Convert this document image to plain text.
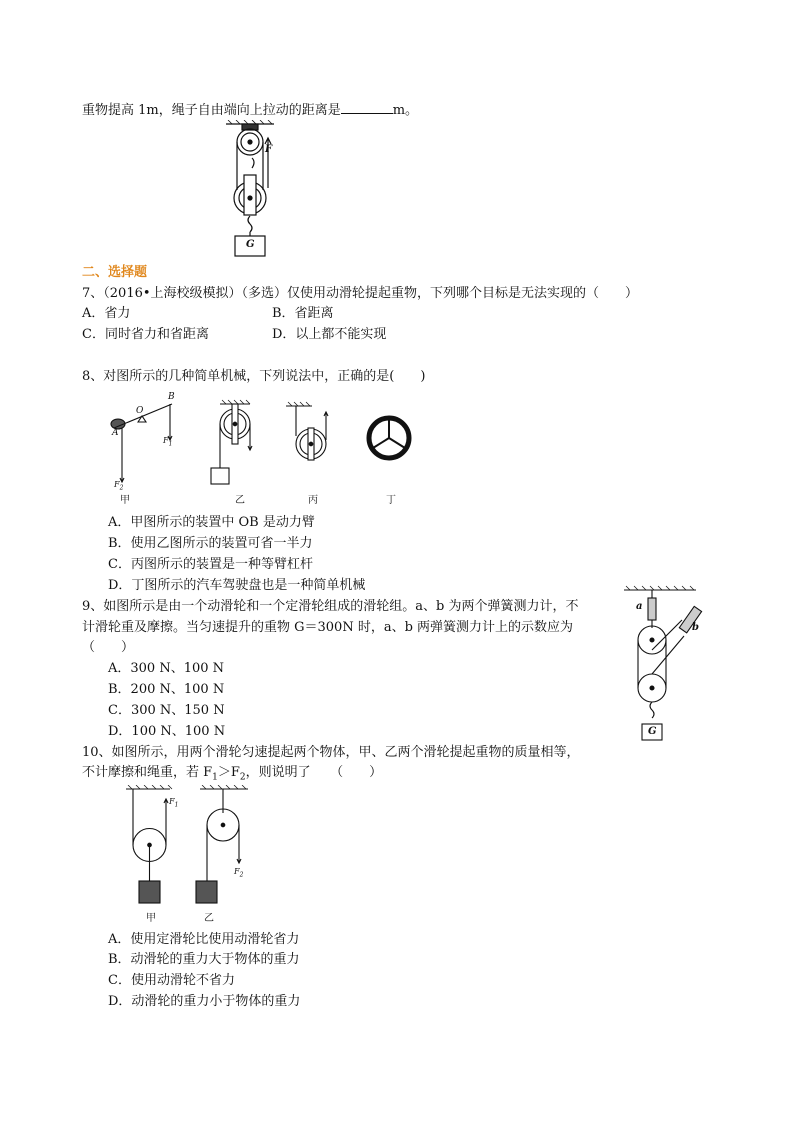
重物提高 1m，绳子自由端向上拉动的距离是	m。
F
G
二、选择题
7、（2016•上海校级模拟）（多选）仅使用动滑轮提起重物，下列哪个目标是无法实现的（　　）
A．省力	B．省距离
C．同时省力和省距离	D．以上都不能实现
8、对图所示的几种简单机械，下列说法中，正确的是(　　)
A
O
B
$F_1$
$F_2$
甲	乙	丙	丁
A．甲图所示的装置中 OB 是动力臂
B．使用乙图所示的装置可省一半力
C．丙图所示的装置是一种等臂杠杆
D．丁图所示的汽车驾驶盘也是一种简单机械
9、如图所示是由一个动滑轮和一个定滑轮组成的滑轮组。a、b 为两个弹簧测力计，不
计滑轮重及摩擦。当匀速提升的重物 G＝300N 时，a、b 两弹簧测力计上的示数应为
（　　）
A．300 N、100 N
B．200 N、100 N
C．300 N、150 N
D．100 N、100 N
a
b
G
10、如图所示，用两个滑轮匀速提起两个物体，甲、乙两个滑轮提起重物的质量相等，
不计摩擦和绳重，若 $F_1>F_2$，则说明了　　（　　）
$F_1$
$F_2$
甲	乙
A．使用定滑轮比使用动滑轮省力
B．动滑轮的重力大于物体的重力
C．使用动滑轮不省力
D．动滑轮的重力小于物体的重力
